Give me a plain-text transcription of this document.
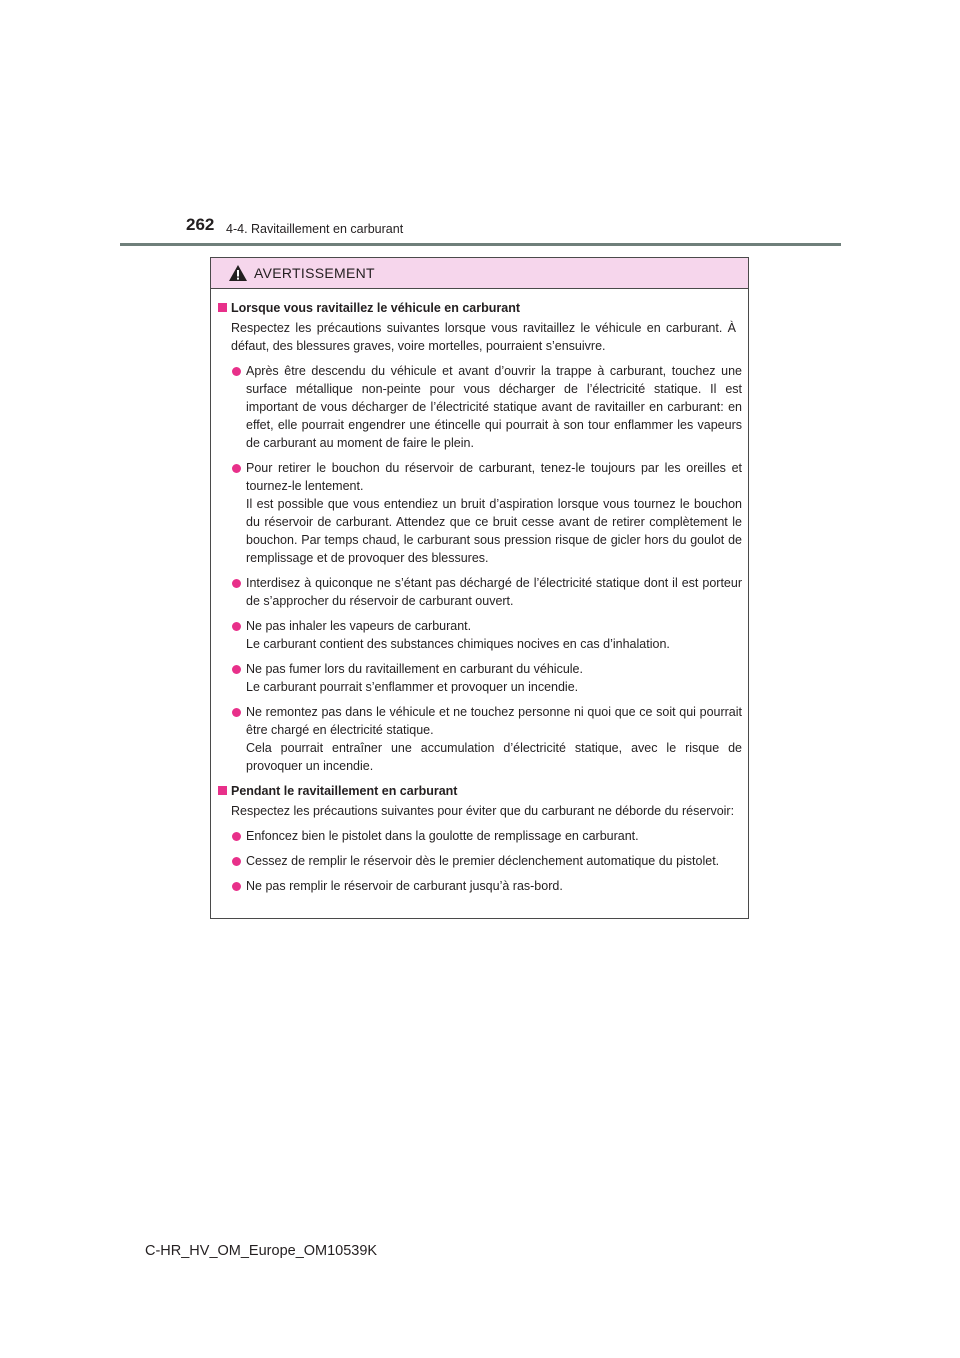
262 4-4. Ravitaillement en carburant
AVERTISSEMENT
Lorsque vous ravitaillez le véhicule en carburant
Respectez les précautions suivantes lorsque vous ravitaillez le véhicule en carburant. À défaut, des blessures graves, voire mortelles, pourraient s’ensuivre.

Après être descendu du véhicule et avant d’ouvrir la trappe à carburant, touchez une surface métallique non-peinte pour vous décharger de l’électricité statique. Il est important de vous décharger de l’électricité statique avant de ravitailler en carburant: en effet, elle pourrait engendrer une étincelle qui pourrait à son tour enflammer les vapeurs de carburant au moment de faire le plein.

Pour retirer le bouchon du réservoir de carburant, tenez-le toujours par les oreilles et tournez-le lentement.

Il est possible que vous entendiez un bruit d’aspiration lorsque vous tournez le bouchon du réservoir de carburant. Attendez que ce bruit cesse avant de retirer complètement le bouchon. Par temps chaud, le carburant sous pression risque de gicler hors du goulot de remplissage et de provoquer des blessures.

Interdisez à quiconque ne s’étant pas déchargé de l’électricité statique dont il est porteur de s’approcher du réservoir de carburant ouvert.

Ne pas inhaler les vapeurs de carburant.

Le carburant contient des substances chimiques nocives en cas d’inhalation.

Ne pas fumer lors du ravitaillement en carburant du véhicule.

Le carburant pourrait s’enflammer et provoquer un incendie.

Ne remontez pas dans le véhicule et ne touchez personne ni quoi que ce soit qui pourrait être chargé en électricité statique.

Cela pourrait entraîner une accumulation d’électricité statique, avec le risque de provoquer un incendie.

Pendant le ravitaillement en carburant
Respectez les précautions suivantes pour éviter que du carburant ne déborde du réservoir:

Enfoncez bien le pistolet dans la goulotte de remplissage en carburant.

Cessez de remplir le réservoir dès le premier déclenchement automatique du pistolet.

Ne pas remplir le réservoir de carburant jusqu’à ras-bord.

C-HR_HV_OM_Europe_OM10539K
